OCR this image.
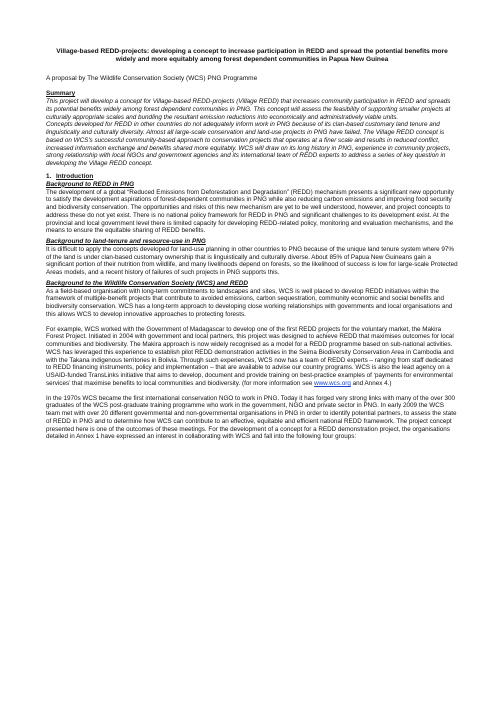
Village-based REDD-projects: developing a concept to increase participation in REDD and spread the potential benefits more widely and more equitably among forest dependent communities in Papua New Guinea

A proposal by The Wildlife Conservation Society (WCS) PNG Programme

Summary

This project will develop a concept for Village-based REDD-projects (Village REDD) that increases community participation in REDD and spreads its potential benefits widely among forest dependent communities in PNG. This concept will assess the feasibility of supporting smaller projects at culturally appropriate scales and bundling the resultant emission reductions into economically and administratively viable units.

Concepts developed for REDD in other countries do not adequately inform work in PNG because of its clan-based customary land tenure and linguistically and culturally diversity. Almost all large-scale conservation and land-use projects in PNG have failed. The Village REDD concept is based on WCS's successful community-based approach to conservation projects that operates at a finer scale and results in reduced conflict, increased information exchange and benefits shared more equitably. WCS will draw on its long history in PNG, experience in community projects, strong relationship with local NGOs and government agencies and its international team of REDD experts to address a series of key question in developing the Village REDD concept.

1. Introduction

Background to REDD in PNG

The development of a global “Reduced Emissions from Deforestation and Degradation” (REDD) mechanism presents a significant new opportunity to satisfy the development aspirations of forest-dependent communities in PNG while also reducing carbon emissions and improving food security and biodiversity conservation. The opportunities and risks of this new mechanism are yet to be well understood, however, and project concepts to address these do not yet exist. There is no national policy framework for REDD in PNG and significant challenges to its development exist. At the provincial and local government level there is limited capacity for developing REDD-related policy, monitoring and evaluation mechanisms, and the means to ensure the equitable sharing of REDD benefits.

Background to land-tenure and resource-use in PNG

It is difficult to apply the concepts developed for land-use planning in other countries to PNG because of the unique land tenure system where 97% of the land is under clan-based customary ownership that is linguistically and culturally diverse. About 85% of Papua New Guineans gain a significant portion of their nutrition from wildlife, and many livelihoods depend on forests, so the likelihood of success is low for large-scale Protected Areas models, and a recent history of failures of such projects in PNG supports this.

Background to the Wildlife Conservation Society (WCS) and REDD

As a field-based organisation with long-term commitments to landscapes and sites, WCS is well placed to develop REDD initiatives within the framework of multiple-benefit projects that contribute to avoided emissions, carbon sequestration, community economic and social benefits and biodiversity conservation. WCS has a long-term approach to developing close working relationships with governments and local organisations and this allows WCS to develop innovative approaches to protecting forests.

For example, WCS worked with the Government of Madagascar to develop one of the first REDD projects for the voluntary market, the Makira Forest Project. Initiated in 2004 with government and local partners, this project was designed to achieve REDD that maximises outcomes for local communities and biodiversity. The Makira approach is now widely recognised as a model for a REDD programme based on sub-national activities. WCS has leveraged this experience to establish pilot REDD demonstration activities in the Seima Biodiversity Conservation Area in Cambodia and with the Takana indigenous territories in Bolivia. Through such experiences, WCS now has a team of REDD experts – ranging from staff dedicated to REDD financing instruments, policy and implementation – that are available to advise our country programs. WCS is also the lead agency on a USAID-funded TransLinks initiative that aims to develop, document and provide training on best-practice examples of ‘payments for environmental services’ that maximise benefits to local communities and biodiversity. (for more information see www.wcs.org and Annex 4.)

In the 1970s WCS became the first international conservation NGO to work in PNG. Today it has forged very strong links with many of the over 300 graduates of the WCS post-graduate training programme who work in the government, NGO and private sector in PNG. In early 2009 the WCS team met with over 20 different governmental and non-governmental organisations in PNG in order to identify potential partners, to assess the state of REDD in PNG and to determine how WCS can contribute to an effective, equitable and efficient national REDD framework. The project concept presented here is one of the outcomes of these meetings. For the development of a concept for a REDD demonstration project, the organisations detailed in Annex 1 have expressed an interest in collaborating with WCS and fall into the following four groups:
